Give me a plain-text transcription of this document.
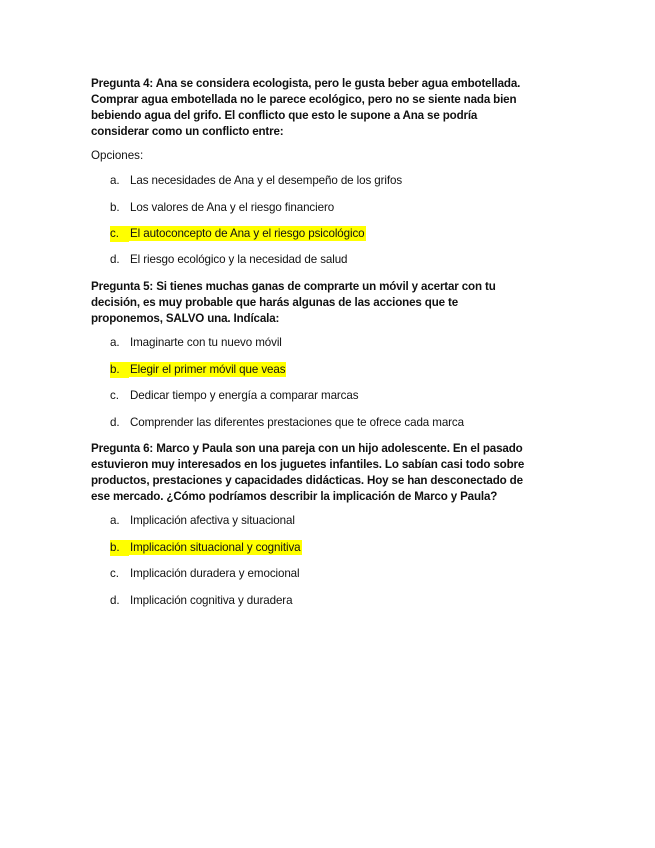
Pregunta 4: Ana se considera ecologista, pero le gusta beber agua embotellada.
Comprar agua embotellada no le parece ecológico, pero no se siente nada bien
bebiendo agua del grifo. El conflicto que esto le supone a Ana se podría
considerar como un conflicto entre:
Opciones:
a. Las necesidades de Ana y el desempeño de los grifos
b. Los valores de Ana y el riesgo financiero
c. El autoconcepto de Ana y el riesgo psicológico
d. El riesgo ecológico y la necesidad de salud
Pregunta 5: Si tienes muchas ganas de comprarte un móvil y acertar con tu
decisión, es muy probable que harás algunas de las acciones que te
proponemos, SALVO una. Indícala:
a. Imaginarte con tu nuevo móvil
b. Elegir el primer móvil que veas
c. Dedicar tiempo y energía a comparar marcas
d. Comprender las diferentes prestaciones que te ofrece cada marca
Pregunta 6: Marco y Paula son una pareja con un hijo adolescente. En el pasado
estuvieron muy interesados en los juguetes infantiles. Lo sabían casi todo sobre
productos, prestaciones y capacidades didácticas. Hoy se han desconectado de
ese mercado. ¿Cómo podríamos describir la implicación de Marco y Paula?
a. Implicación afectiva y situacional
b. Implicación situacional y cognitiva
c. Implicación duradera y emocional
d. Implicación cognitiva y duradera
